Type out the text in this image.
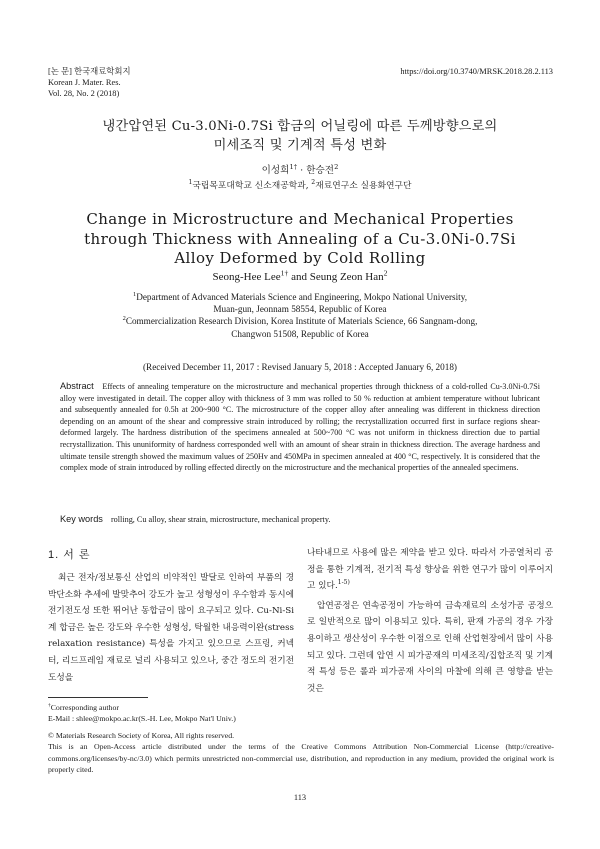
[논 문] 한국재료학회지
Korean J. Mater. Res.
Vol. 28, No. 2 (2018)
https://doi.org/10.3740/MRSK.2018.28.2.113
냉간압연된 Cu-3.0Ni-0.7Si 합금의 어닐링에 따른 두께방향으로의
미세조직 및 기계적 특성 변화
이성희$^{1\dagger}$ · 한승전$^2$
$^1$국립목포대학교 신소재공학과, $^2$재료연구소 실용화연구단
Change in Microstructure and Mechanical Properties
through Thickness with Annealing of a Cu-3.0Ni-0.7Si
Alloy Deformed by Cold Rolling
Seong-Hee Lee$^{1\dagger}$ and Seung Zeon Han$^2$
$^1$Department of Advanced Materials Science and Engineering, Mokpo National University,
Muan-gun, Jeonnam 58554, Republic of Korea
$^2$Commercialization Research Division, Korea Institute of Materials Science, 66 Sangnam-dong,
Changwon 51508, Republic of Korea
(Received December 11, 2017 : Revised January 5, 2018 : Accepted January 6, 2018)
Abstract Effects of annealing temperature on the microstructure and mechanical properties through thickness of a cold-rolled Cu-3.0Ni-0.7Si alloy were investigated in detail. The copper alloy with thickness of 3 mm was rolled to 50 % reduction at ambient temperature without lubricant and subsequently annealed for 0.5h at 200~900 °C. The microstructure of the copper alloy after annealing was different in thickness direction depending on an amount of the shear and compressive strain introduced by rolling; the recrystallization occurred first in surface regions shear-deformed largely. The hardness distribution of the specimens annealed at 500~700 °C was not uniform in thickness direction due to partial recrystallization. This ununiformity of hardness corresponded well with an amount of shear strain in thickness direction. The average hardness and ultimate tensile strength showed the maximum values of 250Hv and 450MPa in specimen annealed at 400 °C, respectively. It is considered that the complex mode of strain introduced by rolling effected directly on the microstructure and the mechanical properties of the annealed specimens.
Key words rolling, Cu alloy, shear strain, microstructure, mechanical property.
1. 서 론
최근 전자/정보통신 산업의 비약적인 발달로 인하여 부품의 경박단소화 추세에 발맞추어 강도가 높고 성형성이 우수함과 동시에 전기전도성 또한 뛰어난 동합금이 많이 요구되고 있다. Cu-Ni-Si계 합금은 높은 강도와 우수한 성형성, 탁월한 내응력이완(stress relaxation resistance) 특성을 가지고 있으므로 스프링, 커넥터, 리드프레임 재료로 널리 사용되고 있으나, 중간 정도의 전기전도성을
나타내므로 사용에 많은 제약을 받고 있다. 따라서 가공열처리 공정을 통한 기계적, 전기적 특성 향상을 위한 연구가 많이 이루어지고 있다.$^{1-5)}$
압연공정은 연속공정이 가능하여 금속재료의 소성가공 공정으로 일반적으로 많이 이용되고 있다. 특히, 판재 가공의 경우 가장 용이하고 생산성이 우수한 이점으로 인해 산업현장에서 많이 사용되고 있다. 그런데 압연 시 피가공재의 미세조직/집합조직 및 기계적 특성 등은 롤과 피가공재 사이의 마찰에 의해 큰 영향을 받는 것은
†Corresponding author
E-Mail : shlee@mokpo.ac.kr(S.-H. Lee, Mokpo Nat'l Univ.)
© Materials Research Society of Korea, All rights reserved.
This is an Open-Access article distributed under the terms of the Creative Commons Attribution Non-Commercial License (http://creative-commons.org/licenses/by-nc/3.0) which permits unrestricted non-commercial use, distribution, and reproduction in any medium, provided the original work is properly cited.
113
